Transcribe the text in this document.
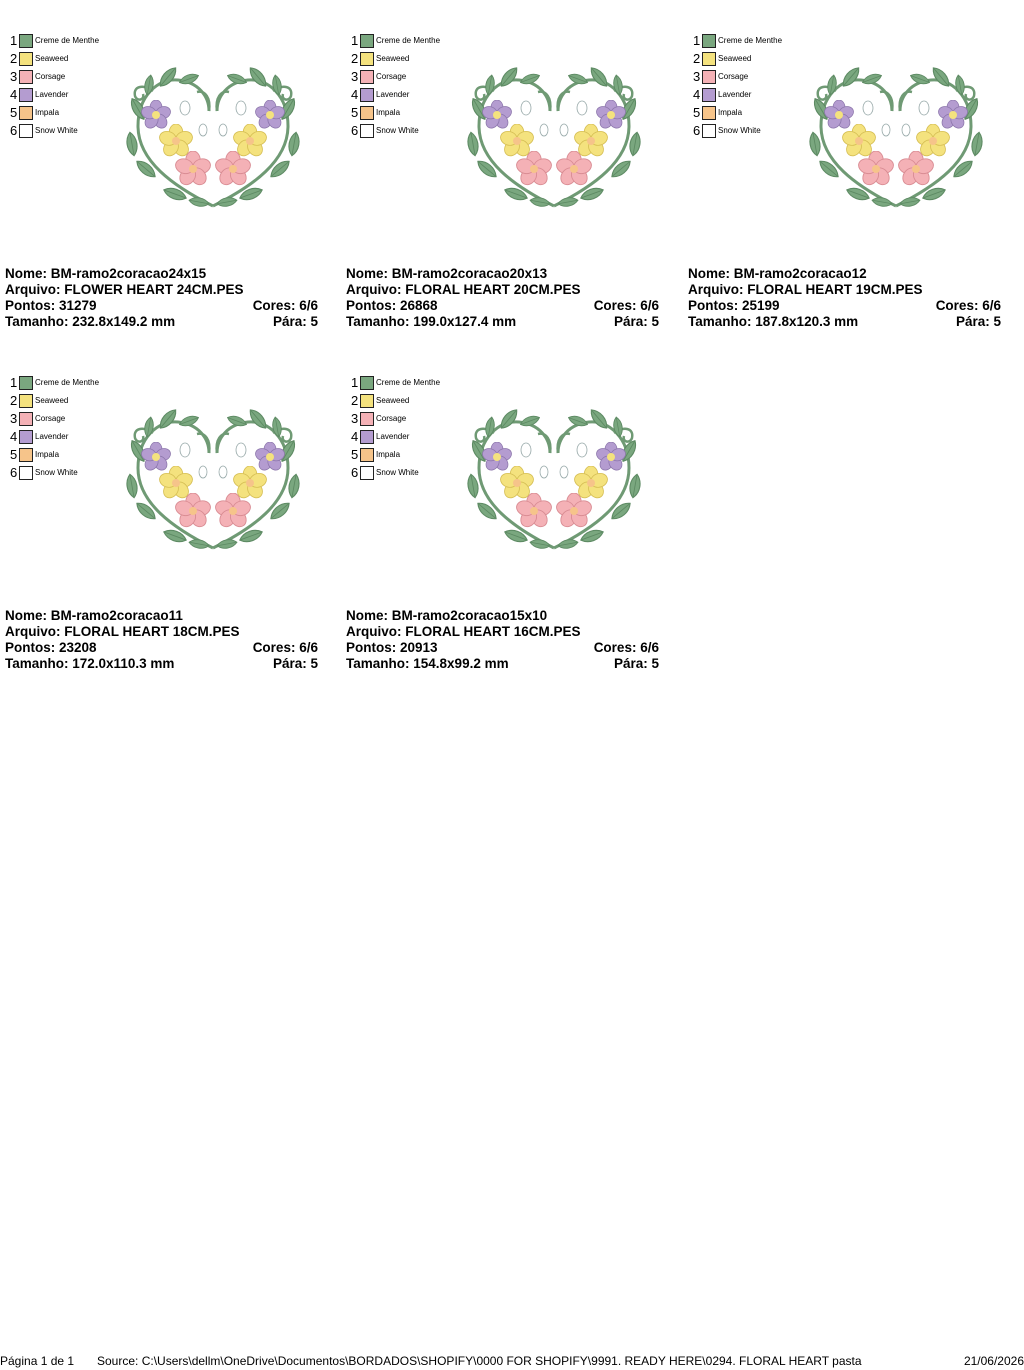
1 Creme de Menthe
2 Seaweed
3 Corsage
4 Lavender
5 Impala
6 Snow White
Nome: BM-ramo2coracao24x15
Arquivo: FLOWER HEART 24CM.PES
Pontos: 31279	Cores: 6/6
Tamanho: 232.8x149.2 mm	Pára: 5
1 Creme de Menthe
2 Seaweed
3 Corsage
4 Lavender
5 Impala
6 Snow White
Nome: BM-ramo2coracao20x13
Arquivo: FLORAL HEART 20CM.PES
Pontos: 26868	Cores: 6/6
Tamanho: 199.0x127.4 mm	Pára: 5
1 Creme de Menthe
2 Seaweed
3 Corsage
4 Lavender
5 Impala
6 Snow White
Nome: BM-ramo2coracao12
Arquivo: FLORAL HEART 19CM.PES
Pontos: 25199	Cores: 6/6
Tamanho: 187.8x120.3 mm	Pára: 5
1 Creme de Menthe
2 Seaweed
3 Corsage
4 Lavender
5 Impala
6 Snow White
Nome: BM-ramo2coracao11
Arquivo: FLORAL HEART 18CM.PES
Pontos: 23208	Cores: 6/6
Tamanho: 172.0x110.3 mm	Pára: 5
1 Creme de Menthe
2 Seaweed
3 Corsage
4 Lavender
5 Impala
6 Snow White
Nome: BM-ramo2coracao15x10
Arquivo: FLORAL HEART 16CM.PES
Pontos: 20913	Cores: 6/6
Tamanho: 154.8x99.2 mm	Pára: 5
Página 1 de 1 Source: C:\Users\dellm\OneDrive\Documentos\BORDADOS\SHOPIFY\0000 FOR SHOPIFY\9991. READY HERE\0294. FLORAL HEART pasta	21/06/2026
